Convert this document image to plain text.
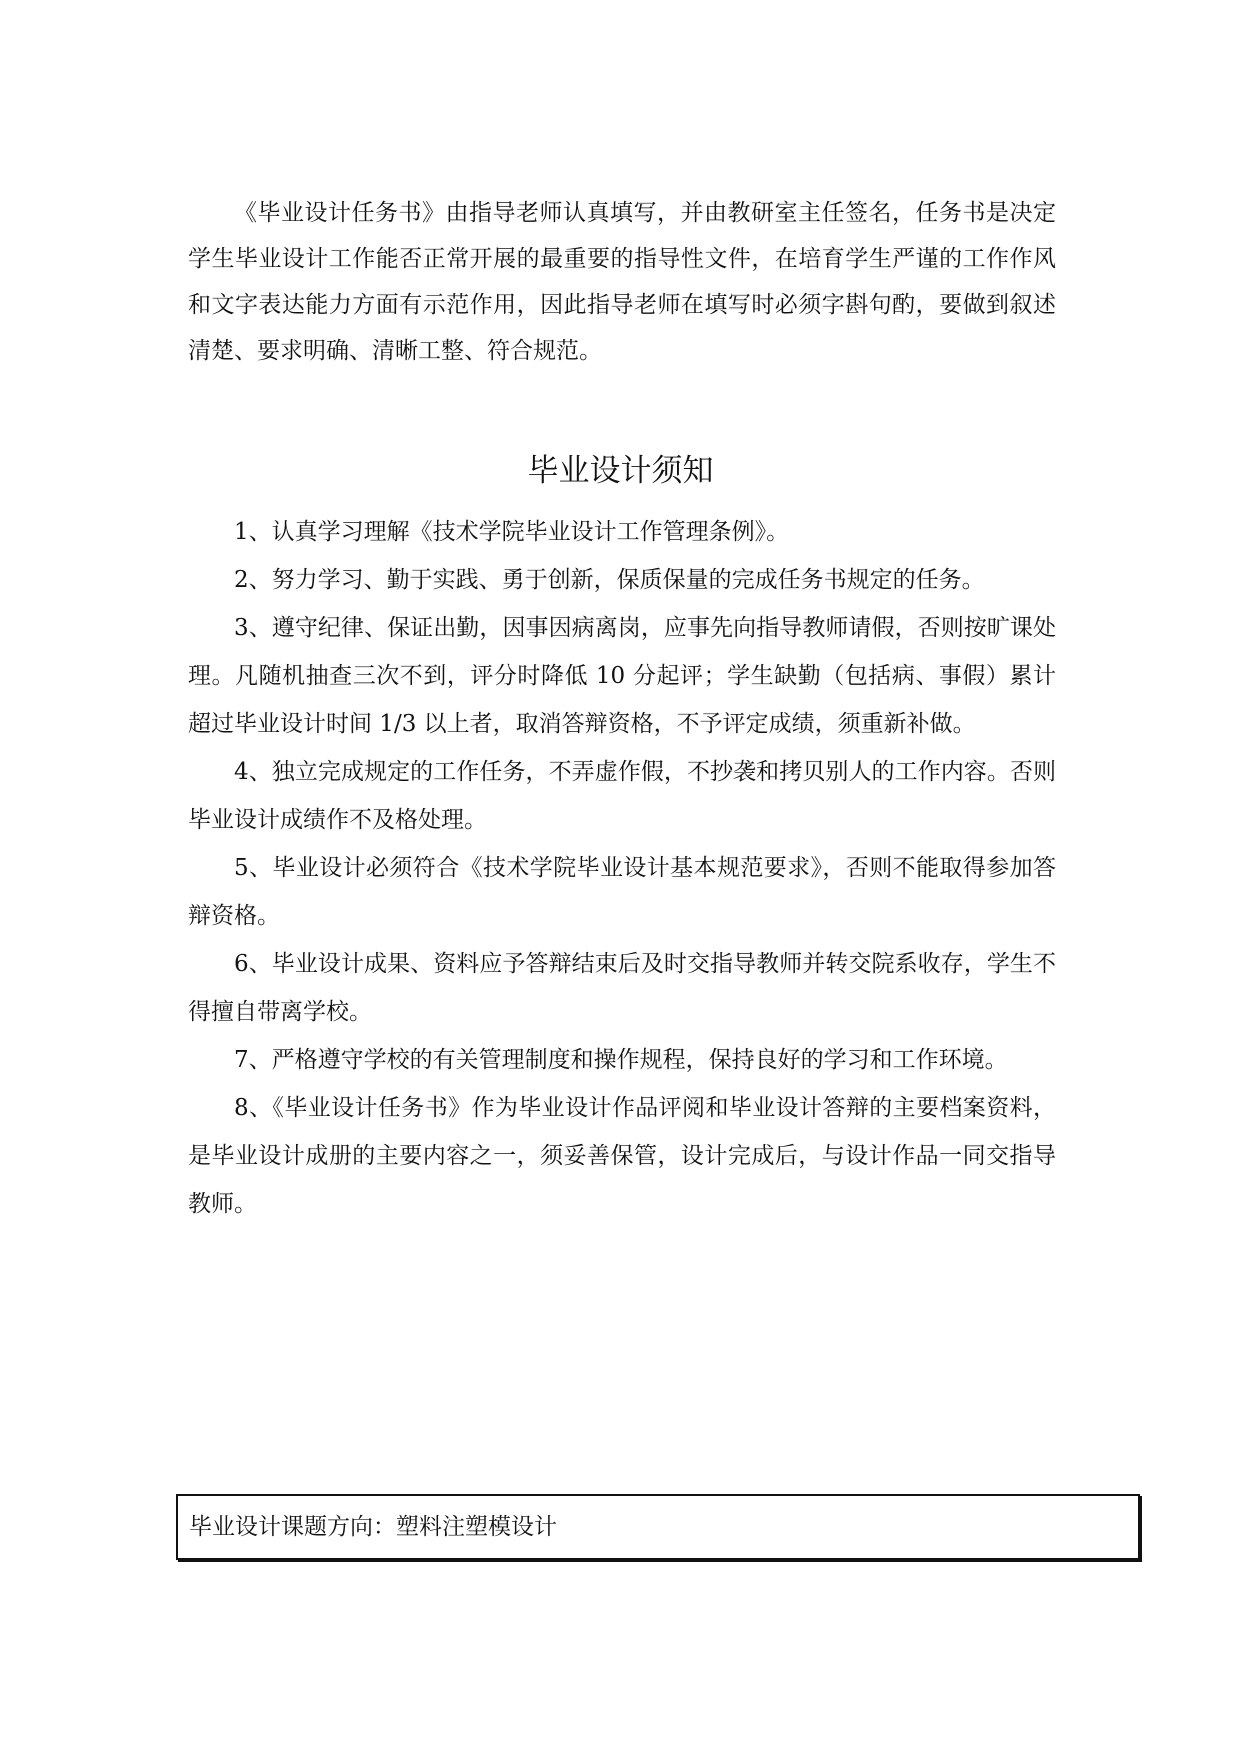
《毕业设计任务书》由指导老师认真填写，并由教研室主任签名，任务书是决定学生毕业设计工作能否正常开展的最重要的指导性文件，在培育学生严谨的工作作风和文字表达能力方面有示范作用，因此指导老师在填写时必须字斟句酌，要做到叙述清楚、要求明确、清晰工整、符合规范。

毕业设计须知
1、认真学习理解《技术学院毕业设计工作管理条例》。
2、努力学习、勤于实践、勇于创新，保质保量的完成任务书规定的任务。
3、遵守纪律、保证出勤，因事因病离岗，应事先向指导教师请假，否则按旷课处理。凡随机抽查三次不到，评分时降低 10 分起评；学生缺勤（包括病、事假）累计超过毕业设计时间 1/3 以上者，取消答辩资格，不予评定成绩，须重新补做。
4、独立完成规定的工作任务，不弄虚作假，不抄袭和拷贝别人的工作内容。否则毕业设计成绩作不及格处理。
5、毕业设计必须符合《技术学院毕业设计基本规范要求》，否则不能取得参加答辩资格。
6、毕业设计成果、资料应予答辩结束后及时交指导教师并转交院系收存，学生不得擅自带离学校。
7、严格遵守学校的有关管理制度和操作规程，保持良好的学习和工作环境。
8、《毕业设计任务书》作为毕业设计作品评阅和毕业设计答辩的主要档案资料，是毕业设计成册的主要内容之一，须妥善保管，设计完成后，与设计作品一同交指导教师。

毕业设计课题方向：塑料注塑模设计
